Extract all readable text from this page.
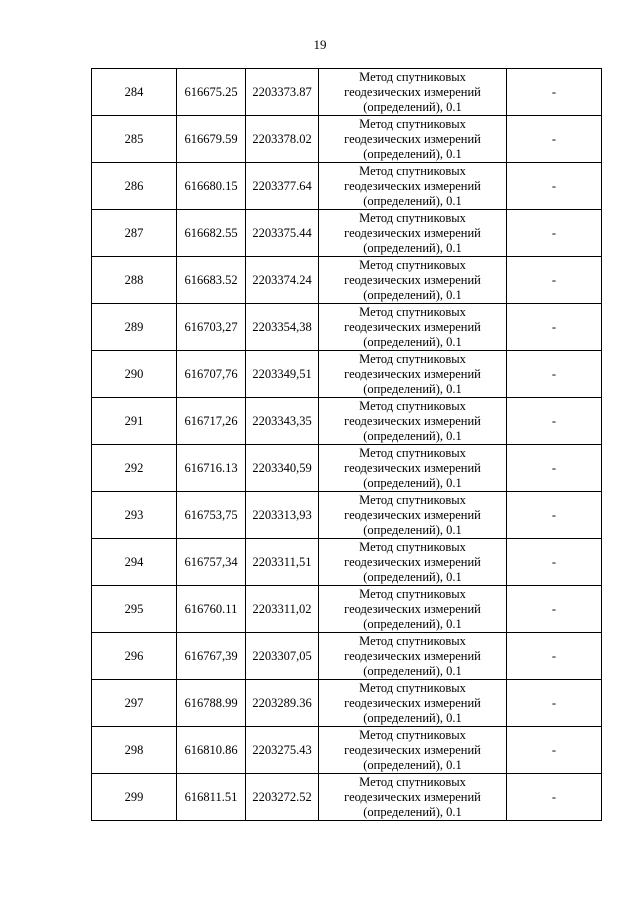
19
284	616675.25	2203373.87	Метод спутниковых
геодезических измерений
(определений), 0.1	-
285	616679.59	2203378.02	Метод спутниковых
геодезических измерений
(определений), 0.1	-
286	616680.15	2203377.64	Метод спутниковых
геодезических измерений
(определений), 0.1	-
287	616682.55	2203375.44	Метод спутниковых
геодезических измерений
(определений), 0.1	-
288	616683.52	2203374.24	Метод спутниковых
геодезических измерений
(определений), 0.1	-
289	616703,27	2203354,38	Метод спутниковых
геодезических измерений
(определений), 0.1	-
290	616707,76	2203349,51	Метод спутниковых
геодезических измерений
(определений), 0.1	-
291	616717,26	2203343,35	Метод спутниковых
геодезических измерений
(определений), 0.1	-
292	616716.13	2203340,59	Метод спутниковых
геодезических измерений
(определений), 0.1	-
293	616753,75	2203313,93	Метод спутниковых
геодезических измерений
(определений), 0.1	-
294	616757,34	2203311,51	Метод спутниковых
геодезических измерений
(определений), 0.1	-
295	616760.11	2203311,02	Метод спутниковых
геодезических измерений
(определений), 0.1	-
296	616767,39	2203307,05	Метод спутниковых
геодезических измерений
(определений), 0.1	-
297	616788.99	2203289.36	Метод спутниковых
геодезических измерений
(определений), 0.1	-
298	616810.86	2203275.43	Метод спутниковых
геодезических измерений
(определений), 0.1	-
299	616811.51	2203272.52	Метод спутниковых
геодезических измерений
(определений), 0.1	-
